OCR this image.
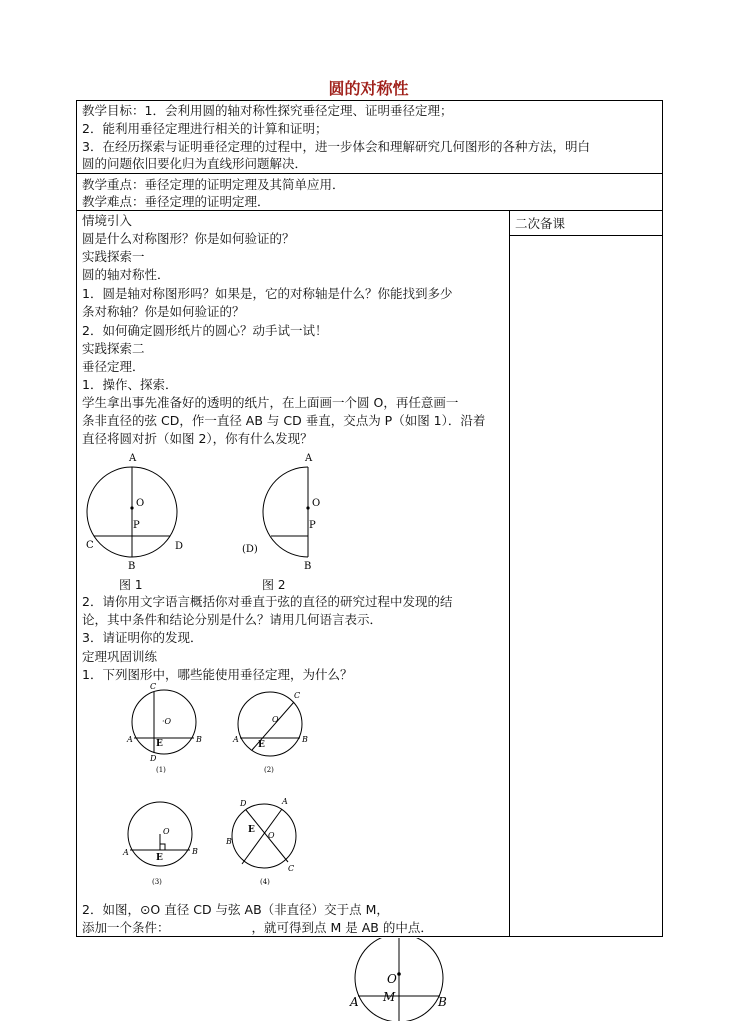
圆的对称性
教学目标：1．会利用圆的轴对称性探究垂径定理、证明垂径定理；
2．能利用垂径定理进行相关的计算和证明；
3．在经历探索与证明垂径定理的过程中，进一步体会和理解研究几何图形的各种方法，明白
圆的问题依旧要化归为直线形问题解决．
教学重点：垂径定理的证明定理及其简单应用．
教学难点：垂径定理的证明定理．
二次备课
情境引入
圆是什么对称图形？你是如何验证的？
实践探索一
圆的轴对称性．
1．圆是轴对称图形吗？如果是，它的对称轴是什么？你能找到多少
条对称轴？你是如何验证的？
2．如何确定圆形纸片的圆心？动手试一试！
实践探索二
垂径定理．
1．操作、探索．
学生拿出事先准备好的透明的纸片，在上面画一个圆 O，再任意画一
条非直径的弦 CD，作一直径 AB 与 CD 垂直，交点为 P（如图 1）．沿着
直径将圆对折（如图 2），你有什么发现？
A
O
P
C	D
B
图 1
A
O
P
(D)
B
图 2
2．请你用文字语言概括你对垂直于弦的直径的研究过程中发现的结
论，其中条件和结论分别是什么？请用几何语言表示．
3．请证明你的发现．
定理巩固训练
1．下列图形中，哪些能使用垂径定理，为什么？
C
·O
A	E	B
D
(1)
C
O
A
E
B
(2)
O
A
E
B
(3)
D	A
E
O
B
C
(4)
2．如图，⊙O 直径 CD 与弦 AB（非直径）交于点 M，
添加一个条件：	，就可得到点 M 是 AB 的中点．
O
M
A	B
